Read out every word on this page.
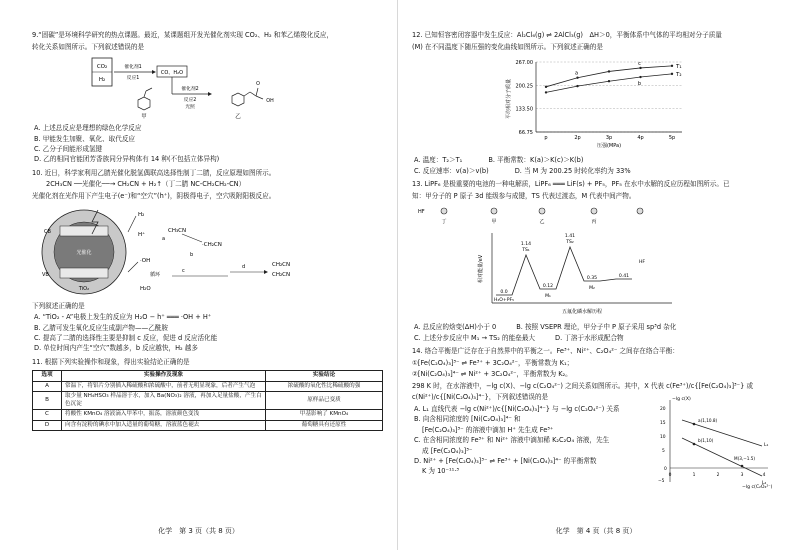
9.“固碳”是环境科学研究的热点课题。最近，某课题组开发光催化剂实现 CO₂、H₂ 和苯乙烯羧化反应，

转化关系如图所示。下列叙述错误的是

CO₂
H₂
催化剂1
反应1
CO、H₂O
催化剂2
反应2
光照
甲
O
OH
乙

A. 上述总反应是理想的绿色化学反应

B. 甲能发生加聚、氧化、取代反应

C. 乙分子间能形成氢键

D. 乙的相同官能团芳香族同分异构体有 14 种(不包括立体异构)

10. 近日，科学家利用乙腈光催化脱氢偶联高选择性制丁二腈，反应原理如图所示。

2CH₃CN ──光催化──→ CH₂CN + H₂↑（丁二腈 NC‑CH₂CH₂‑CN）

光催化剂在光作用下产生电子(e⁻)和“空穴”(h⁺)，阴极得电子，空穴吸附阳极反应。

CB
VB
光催化
TiO₂
H₂
H⁺
CH₃CN
·CH₂CN
·OH
H₂O
循环
a
b
c
d	CH₂CN
CH₂CN

下列叙述正确的是

A. “TiO₂ - A”电极上发生的反应为 H₂O − h⁺ ═══ ·OH + H⁺

B. 乙腈可发生氧化反应生成副产物——乙酰胺

C. 提高了二腈的选择性主要是抑制 c 反应，促进 d 反应活化能

D. 单位时间内产生“空穴”数越多，b 反应越快，H₂ 越多

11. 根据下列实验操作和现象，得出实验结论正确的是

选项	实验操作及现象	实验结论
A	常温下，将铝片分别插入稀硫酸和浓硫酸中，前者无明显现象，后者产生气泡	浓硫酸的氧化性比稀硫酸的强
B	取少量 NH₄HSO₃ 样品溶于水，加入 Ba(NO₃)₂ 溶液，再加入足量盐酸，产生白色沉淀	原样品已变质
C	将酸性 KMnO₄ 溶液滴入甲苯中，振荡，溶液颜色变浅	甲基影响了 KMnO₄
D	向含有淀粉的碘水中加入适量的葡萄糖，溶液蓝色褪去	葡萄糖具有还原性
化学　第 3 页（共 8 页）

12. 已知恒容密闭容器中发生反应：Al₂Cl₆(g) ⇌ 2AlCl₃(g)　ΔH＞0，平衡体系中气体的平均相对分子质量

(M) 在不同温度下随压强的变化曲线如图所示。下列叙述正确的是

66.75
133.50
200.25
267.00
p	2p	3p	4p	5p
压强(MPa)
平均相对分子质量
T₁
T₂
a
c
b

A. 温度：T₂＞T₁	B. 平衡常数：K(a)＞K(c)＞K(b)

C. 反应速率：v(a)＞v(b)	D. 当 M 为 200.25 时转化率约为 33%

13. LiPF₆ 是极重要的电池的一种电解质，LiPF₆ ═══ LiF(s) + PF₅，PF₅ 在水中水解的反应历程如图所示。已

知：甲分子的 P 原子 3d 能级参与成键，TS 代表过渡态，M 代表中间产物。

HF
丁	甲	乙	丙
相对能量/eV
五氟化磷水解历程
0.0
H₂O+PF₅
1.14
TS₁
0.12
M₁
1.41
TS₂
0.35
M₂
0.41
HF

A. 总反应的焓变(ΔH)小于 0	B. 按照 VSEPR 理论，甲分子中 P 原子采用 sp³d 杂化

C. 上述分步反应中 M₁ → TS₂ 的能垒最大	D. 丁溶于水形成配合物

14. 络合平衡是广泛存在于自然界中的平衡之一。Fe³⁺、Ni²⁺、C₂O₄²⁻ 之间存在络合平衡：

①[Fe(C₂O₄)₃]³⁻ ⇌ Fe³⁺ + 3C₂O₄²⁻，平衡常数为 K₁；

②[Ni(C₂O₄)₃]⁴⁻ ⇌ Ni²⁺ + 3C₂O₄²⁻，平衡常数为 K₂。

298 K 时，在水溶液中，−lg c(X)、−lg c(C₂O₄²⁻) 之间关系如图所示。其中，X 代表 c(Fe³⁺)/c{[Fe(C₂O₄)₃]³⁻} 或

c(Ni²⁺)/c{[Ni(C₂O₄)₃]⁴⁻}，下列叙述错误的是

A. L₁ 直线代表 −lg c(Ni²⁺)/c{[Ni(C₂O₄)₃]⁴⁻} 与 −lg c(C₂O₄²⁻) 关系

B. 向含相同浓度的 [Ni(C₂O₄)₃]⁴⁻ 和

[Fe(C₂O₄)₃]³⁻ 的溶液中滴加 H⁺ 先生成 Fe³⁺

C. 在含相同浓度的 Fe³⁺ 和 Ni²⁺ 溶液中滴加稀 K₂C₂O₄ 溶液，先生

成 [Fe(C₂O₄)₃]³⁻

D. Ni²⁺ + [Fe(C₂O₄)₃]³⁻ ⇌ Fe³⁺ + [Ni(C₂O₄)₃]⁴⁻ 的平衡常数

K 为 10⁻¹¹·³

−lg c(X)
−lg c(C₂O₄²⁻)
20
15
10
5
0
−5
0	1	2	3	4
a(1,10.8)
b(1,10)
M(3,−1.5)
L₁
L₂
化学　第 4 页（共 8 页）
